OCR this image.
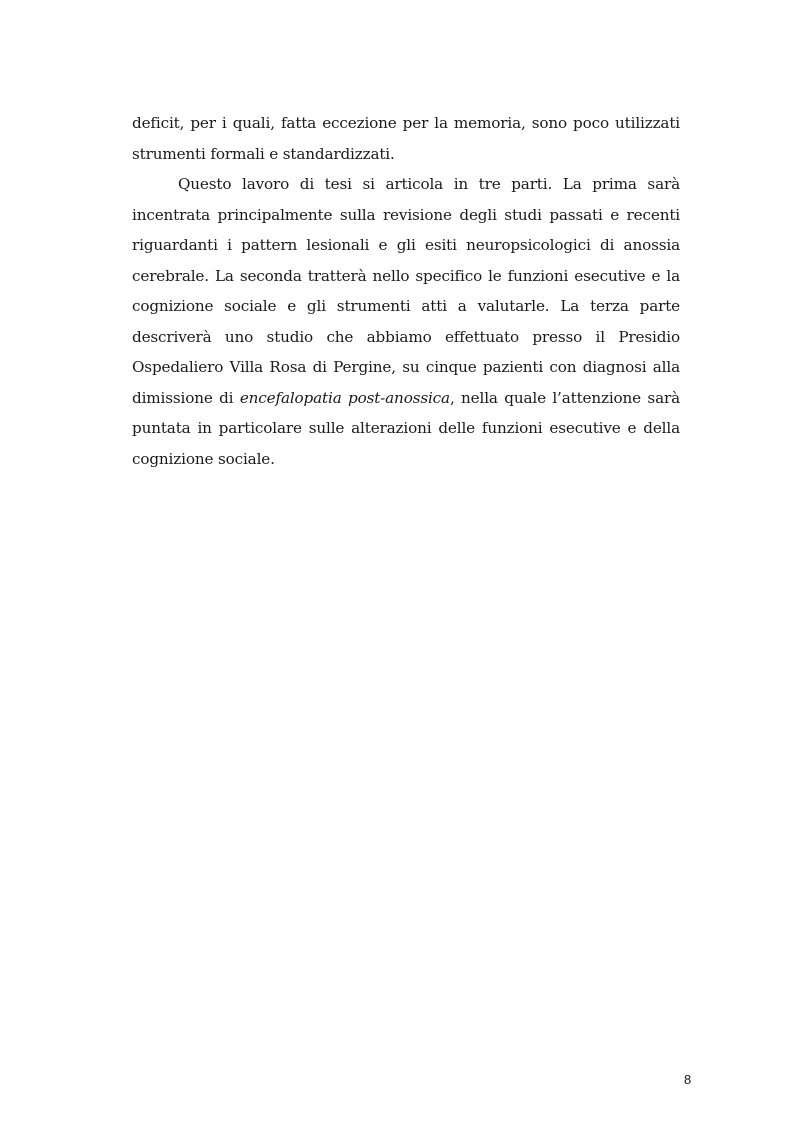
deficit, per i quali, fatta eccezione per la memoria, sono poco utilizzati strumenti formali e standardizzati.

Questo lavoro di tesi si articola in tre parti. La prima sarà incentrata principalmente sulla revisione degli studi passati e recenti riguardanti i pattern lesionali e gli esiti neuropsicologici di anossia cerebrale. La seconda tratterà nello specifico le funzioni esecutive e la cognizione sociale e gli strumenti atti a valutarle. La terza parte descriverà uno studio che abbiamo effettuato presso il Presidio Ospedaliero Villa Rosa di Pergine, su cinque pazienti con diagnosi alla dimissione di encefalopatia post-anossica, nella quale l’attenzione sarà puntata in particolare sulle alterazioni delle funzioni esecutive e della cognizione sociale.

8
